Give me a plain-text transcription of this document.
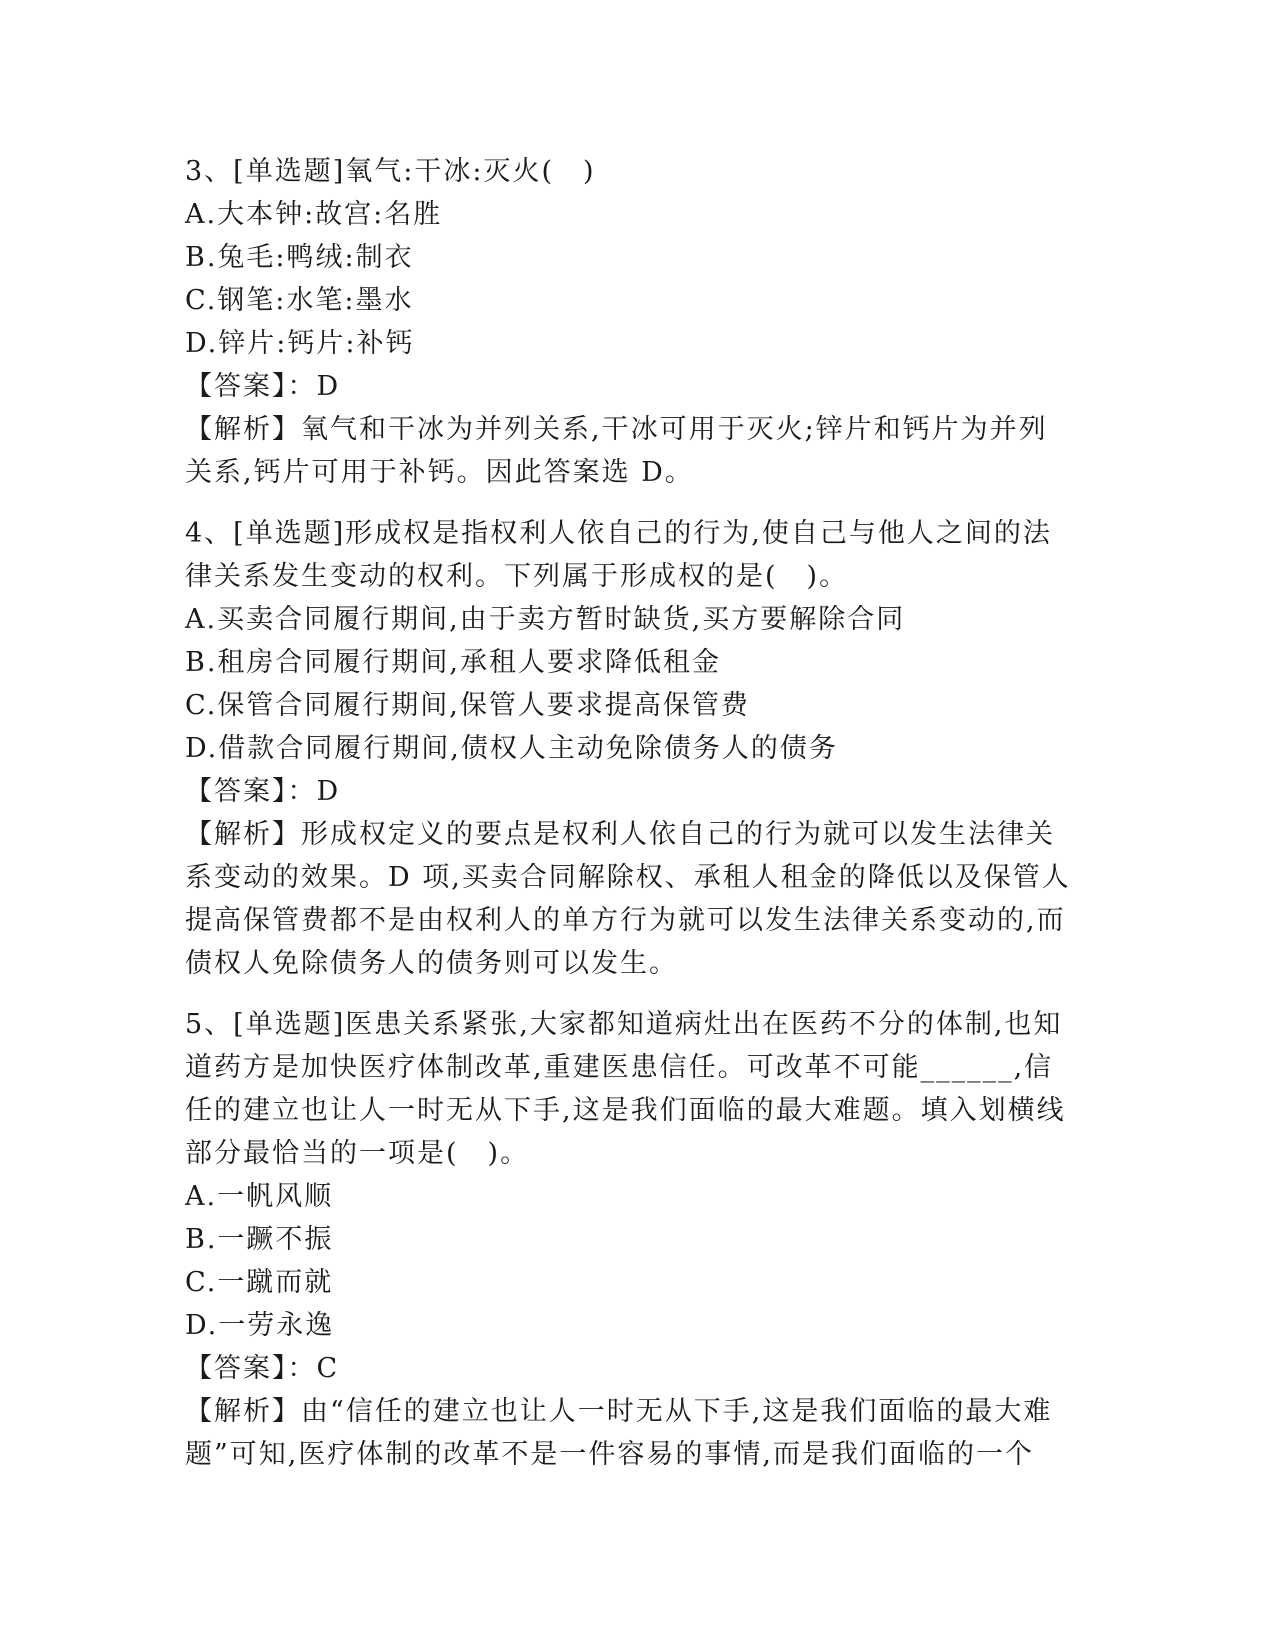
3、[单选题]氧气:干冰:灭火(　)
A.大本钟:故宫:名胜
B.兔毛:鸭绒:制衣
C.钢笔:水笔:墨水
D.锌片:钙片:补钙
【答案】：D
【解析】氧气和干冰为并列关系,干冰可用于灭火;锌片和钙片为并列
关系,钙片可用于补钙。因此答案选 D。
4、[单选题]形成权是指权利人依自己的行为,使自己与他人之间的法
律关系发生变动的权利。下列属于形成权的是(　)。
A.买卖合同履行期间,由于卖方暂时缺货,买方要解除合同
B.租房合同履行期间,承租人要求降低租金
C.保管合同履行期间,保管人要求提高保管费
D.借款合同履行期间,债权人主动免除债务人的债务
【答案】：D
【解析】形成权定义的要点是权利人依自己的行为就可以发生法律关
系变动的效果。D 项,买卖合同解除权、承租人租金的降低以及保管人
提高保管费都不是由权利人的单方行为就可以发生法律关系变动的,而
债权人免除债务人的债务则可以发生。
5、[单选题]医患关系紧张,大家都知道病灶出在医药不分的体制,也知
道药方是加快医疗体制改革,重建医患信任。可改革不可能______,信
任的建立也让人一时无从下手,这是我们面临的最大难题。填入划横线
部分最恰当的一项是(　)。
A.一帆风顺
B.一蹶不振
C.一蹴而就
D.一劳永逸
【答案】：C
【解析】由“信任的建立也让人一时无从下手,这是我们面临的最大难
题”可知,医疗体制的改革不是一件容易的事情,而是我们面临的一个
